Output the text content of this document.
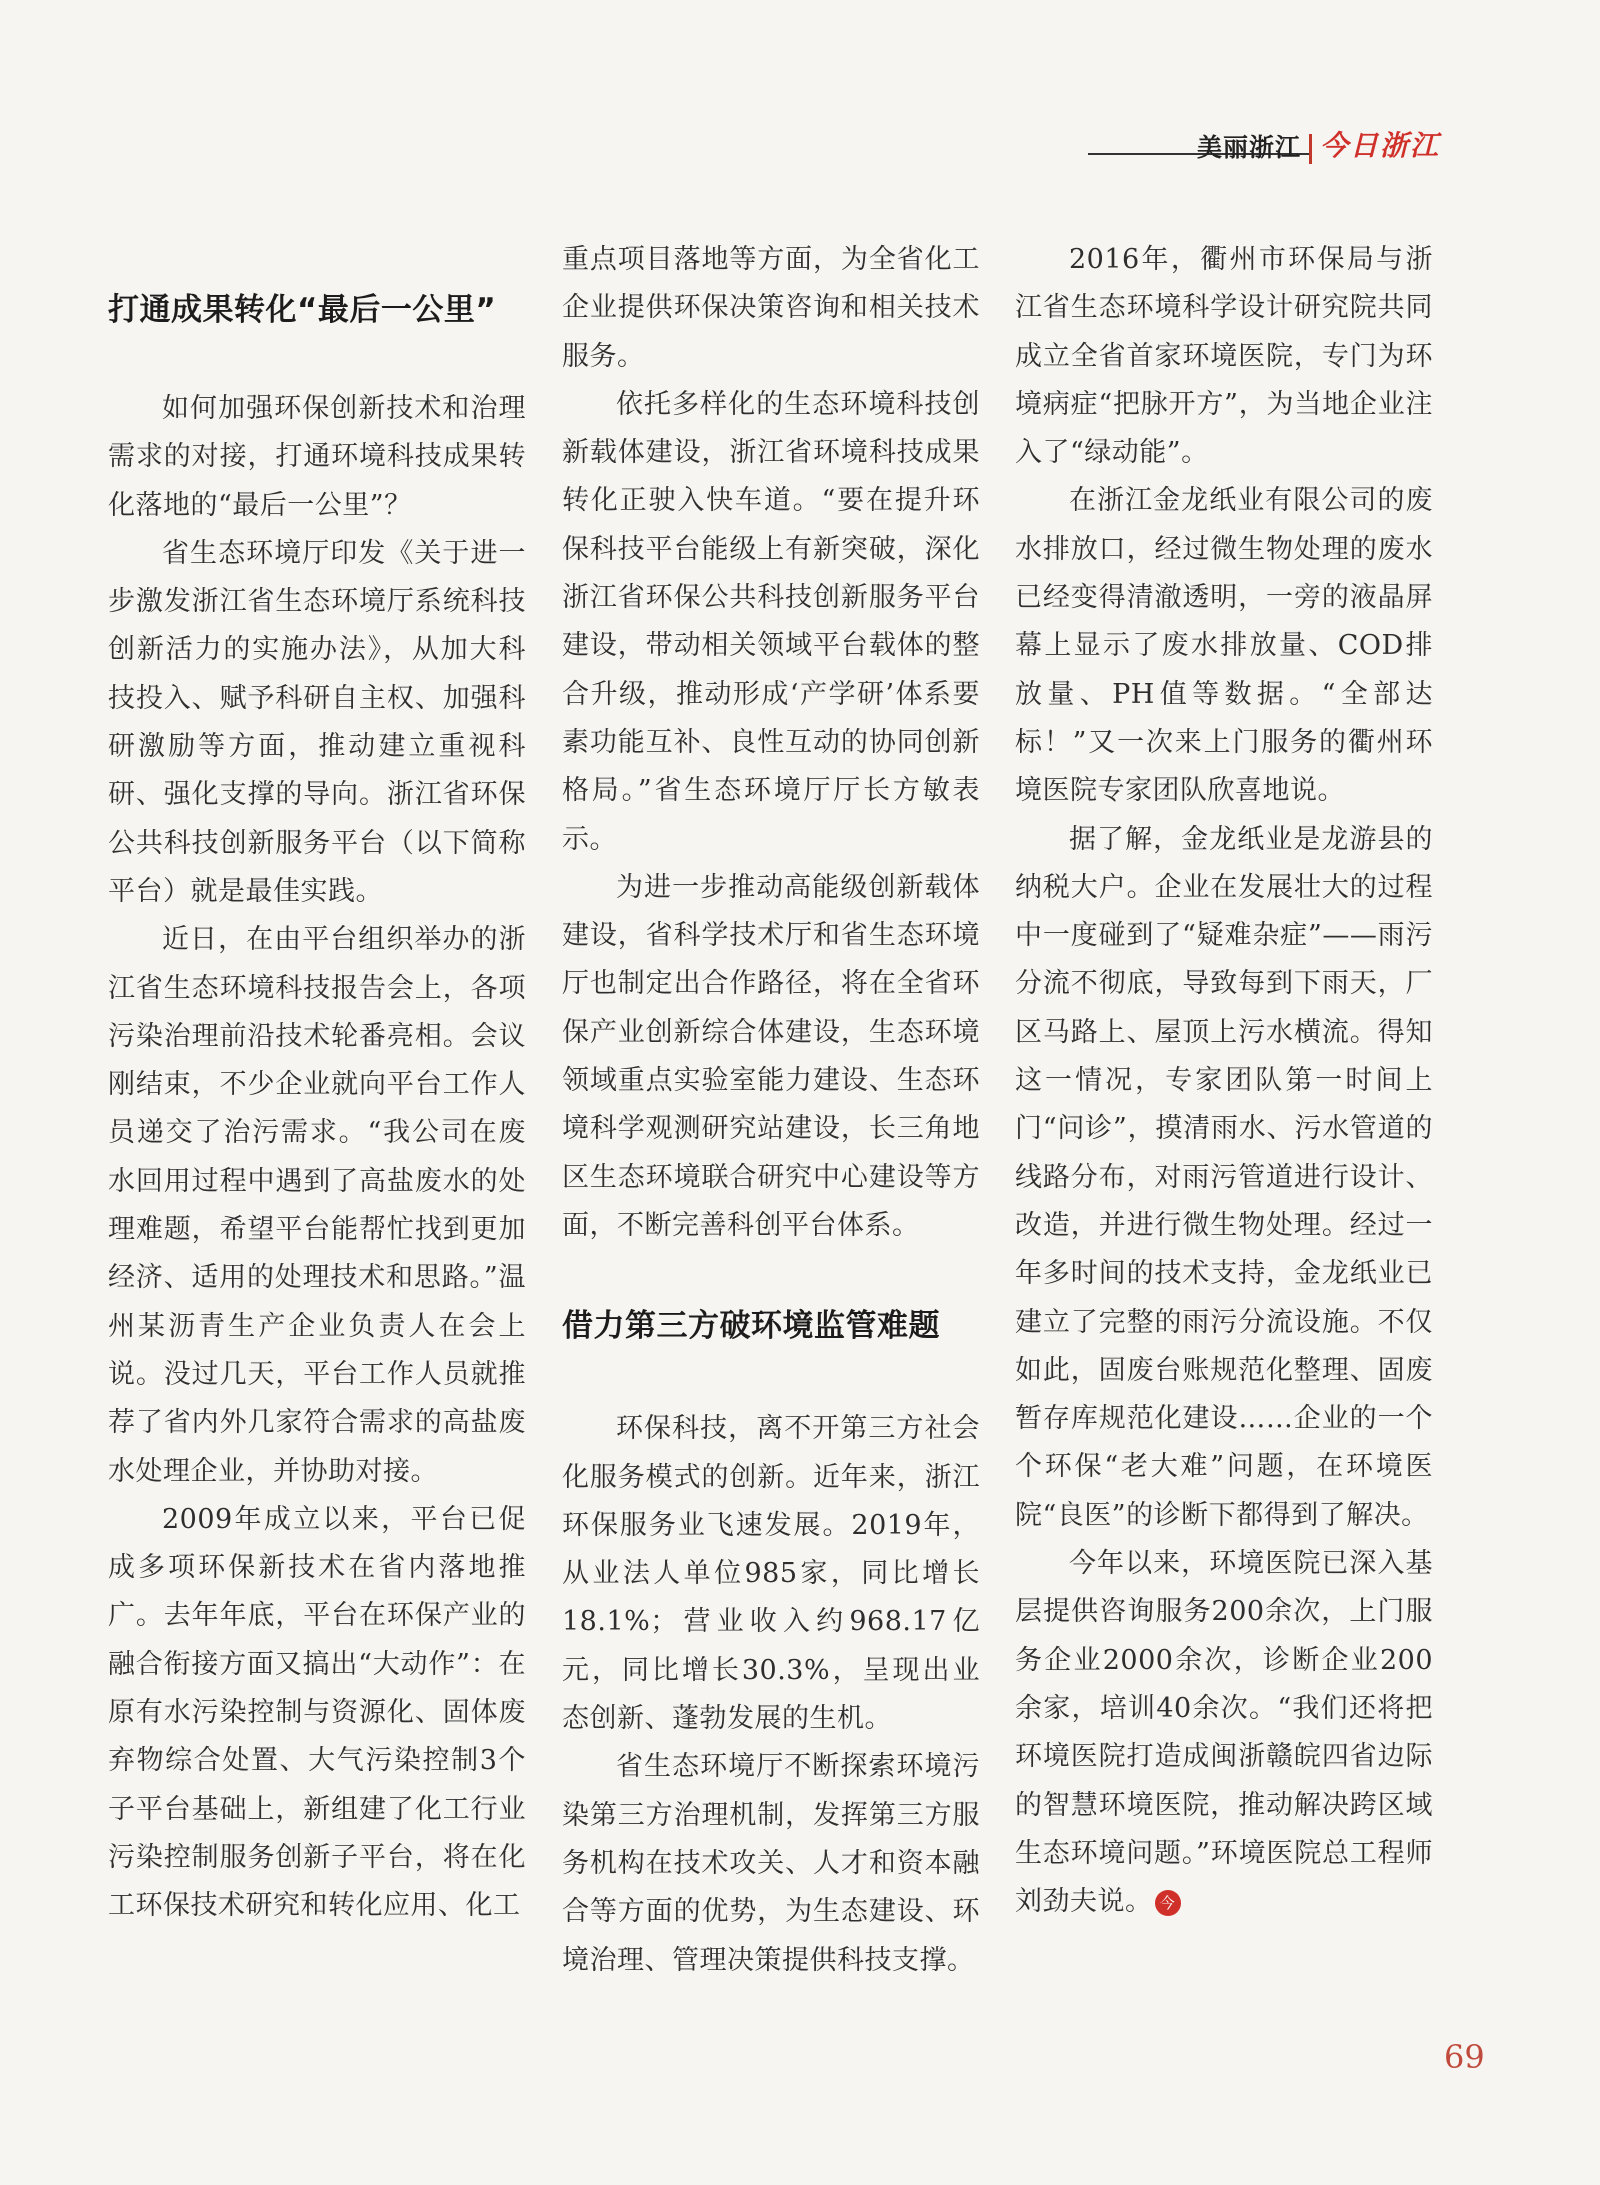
美丽浙江 今日浙江
打通成果转化“最后一公里”

如何加强环保创新技术和治理需求的对接，打通环境科技成果转化落地的“最后一公里”？

省生态环境厅印发《关于进一步激发浙江省生态环境厅系统科技创新活力的实施办法》，从加大科技投入、赋予科研自主权、加强科研激励等方面，推动建立重视科研、强化支撑的导向。浙江省环保公共科技创新服务平台（以下简称平台）就是最佳实践。

近日，在由平台组织举办的浙江省生态环境科技报告会上，各项污染治理前沿技术轮番亮相。会议刚结束，不少企业就向平台工作人员递交了治污需求。“我公司在废水回用过程中遇到了高盐废水的处理难题，希望平台能帮忙找到更加经济、适用的处理技术和思路。”温州某沥青生产企业负责人在会上说。没过几天，平台工作人员就推荐了省内外几家符合需求的高盐废水处理企业，并协助对接。

2009年成立以来，平台已促成多项环保新技术在省内落地推广。去年年底，平台在环保产业的融合衔接方面又搞出“大动作”：在原有水污染控制与资源化、固体废弃物综合处置、大气污染控制3个子平台基础上，新组建了化工行业污染控制服务创新子平台，将在化工环保技术研究和转化应用、化工

重点项目落地等方面，为全省化工企业提供环保决策咨询和相关技术服务。

依托多样化的生态环境科技创新载体建设，浙江省环境科技成果转化正驶入快车道。“要在提升环保科技平台能级上有新突破，深化浙江省环保公共科技创新服务平台建设，带动相关领域平台载体的整合升级，推动形成‘产学研’体系要素功能互补、良性互动的协同创新格局。”省生态环境厅厅长方敏表示。

为进一步推动高能级创新载体建设，省科学技术厅和省生态环境厅也制定出合作路径，将在全省环保产业创新综合体建设，生态环境领域重点实验室能力建设、生态环境科学观测研究站建设，长三角地区生态环境联合研究中心建设等方面，不断完善科创平台体系。

借力第三方破环境监管难题

环保科技，离不开第三方社会化服务模式的创新。近年来，浙江环保服务业飞速发展。2019年，从业法人单位985家，同比增长18.1%；营业收入约968.17亿元，同比增长30.3%，呈现出业态创新、蓬勃发展的生机。

省生态环境厅不断探索环境污染第三方治理机制，发挥第三方服务机构在技术攻关、人才和资本融合等方面的优势，为生态建设、环境治理、管理决策提供科技支撑。

2016年，衢州市环保局与浙江省生态环境科学设计研究院共同成立全省首家环境医院，专门为环境病症“把脉开方”，为当地企业注入了“绿动能”。

在浙江金龙纸业有限公司的废水排放口，经过微生物处理的废水已经变得清澈透明，一旁的液晶屏幕上显示了废水排放量、COD排放量、PH值等数据。“全部达标！”又一次来上门服务的衢州环境医院专家团队欣喜地说。

据了解，金龙纸业是龙游县的纳税大户。企业在发展壮大的过程中一度碰到了“疑难杂症”——雨污分流不彻底，导致每到下雨天，厂区马路上、屋顶上污水横流。得知这一情况，专家团队第一时间上门“问诊”，摸清雨水、污水管道的线路分布，对雨污管道进行设计、改造，并进行微生物处理。经过一年多时间的技术支持，金龙纸业已建立了完整的雨污分流设施。不仅如此，固废台账规范化整理、固废暂存库规范化建设……企业的一个个环保“老大难”问题，在环境医院“良医”的诊断下都得到了解决。

今年以来，环境医院已深入基层提供咨询服务200余次，上门服务企业2000余次，诊断企业200余家，培训40余次。“我们还将把环境医院打造成闽浙赣皖四省边际的智慧环境医院，推动解决跨区域生态环境问题。”环境医院总工程师刘劲夫说。 今

69
